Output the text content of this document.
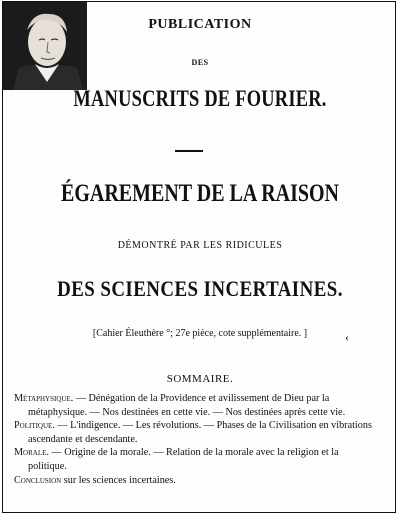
PUBLICATION
DES
MANUSCRITS DE FOURIER.
ÉGAREMENT DE LA RAISON
DÉMONTRÉ PAR LES RIDICULES
DES SCIENCES INCERTAINES.
[Cahier Éleuthère °; 27e pièce, cote supplémentaire. ]	‹
SOMMAIRE.

Métaphysique. — Dénégation de la Providence et avilissement de Dieu par la métaphysique. — Nos destinées en cette vie. — Nos destinées après cette vie.

Politique. — L'indigence. — Les révolutions. — Phases de la Civilisation en vibrations ascendante et descendante.

Morale. — Origine de la morale. — Relation de la morale avec la religion et la politique.

Conclusion sur les sciences incertaines.
